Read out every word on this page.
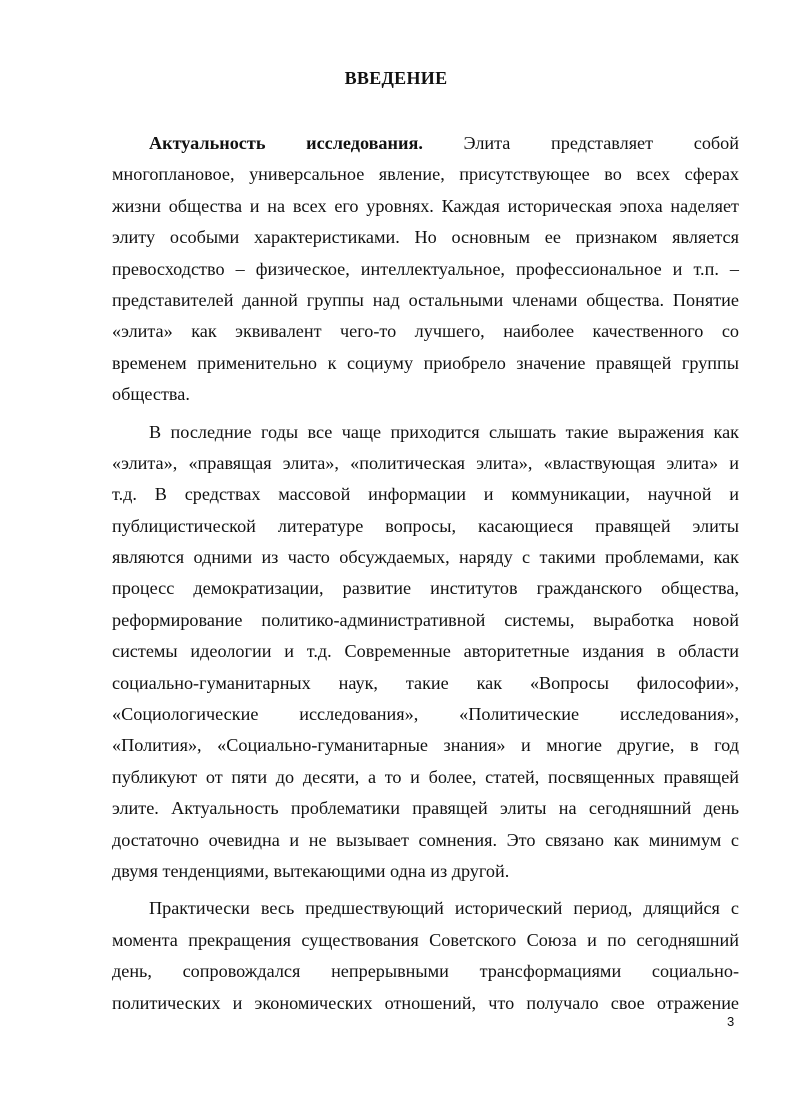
ВВЕДЕНИЕ
Актуальность исследования. Элита представляет собой
многоплановое, универсальное явление, присутствующее во всех сферах
жизни общества и на всех его уровнях. Каждая историческая эпоха наделяет
элиту особыми характеристиками. Но основным ее признаком является
превосходство – физическое, интеллектуальное, профессиональное и т.п. –
представителей данной группы над остальными членами общества. Понятие
«элита» как эквивалент чего-то лучшего, наиболее качественного со
временем применительно к социуму приобрело значение правящей группы
общества.
В последние годы все чаще приходится слышать такие выражения как
«элита», «правящая элита», «политическая элита», «властвующая элита» и
т.д. В средствах массовой информации и коммуникации, научной и
публицистической литературе вопросы, касающиеся правящей элиты
являются одними из часто обсуждаемых, наряду с такими проблемами, как
процесс демократизации, развитие институтов гражданского общества,
реформирование политико-административной системы, выработка новой
системы идеологии и т.д. Современные авторитетные издания в области
социально-гуманитарных наук, такие как «Вопросы философии»,
«Социологические исследования», «Политические исследования»,
«Полития», «Социально-гуманитарные знания» и многие другие, в год
публикуют от пяти до десяти, а то и более, статей, посвященных правящей
элите. Актуальность проблематики правящей элиты на сегодняшний день
достаточно очевидна и не вызывает сомнения. Это связано как минимум с
двумя тенденциями, вытекающими одна из другой.
Практически весь предшествующий исторический период, длящийся с
момента прекращения существования Советского Союза и по сегодняшний
день, сопровождался непрерывными трансформациями социально-
политических и экономических отношений, что получало свое отражение
3
